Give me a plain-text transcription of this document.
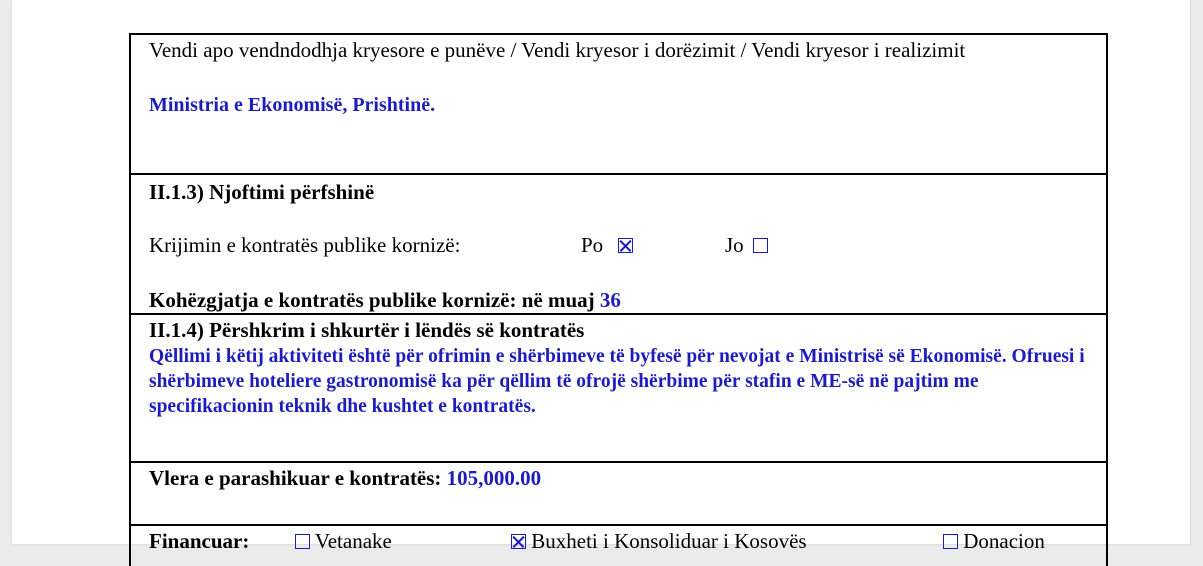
Vendi apo vendndodhja kryesore e punëve / Vendi kryesor i dorëzimit / Vendi kryesor i realizimit
Ministria e Ekonomisë, Prishtinë.
II.1.3) Njoftimi përfshinë
Krijimin e kontratës publike kornizë:	Po	Jo
Kohëzgjatja e kontratës publike kornizë: në muaj 36
II.1.4) Përshkrim i shkurtër i lëndës së kontratës
Qëllimi i këtij aktiviteti është për ofrimin e shërbimeve të byfesë për nevojat e Ministrisë së Ekonomisë. Ofruesi i shërbimeve hoteliere gastronomisë ka për qëllim të ofrojë shërbime për stafin e ME-së në pajtim me specifikacionin teknik dhe kushtet e kontratës.
Vlera e parashikuar e kontratës: 105,000.00
Financuar:	Vetanake	Buxheti i Konsoliduar i Kosovës	Donacion
